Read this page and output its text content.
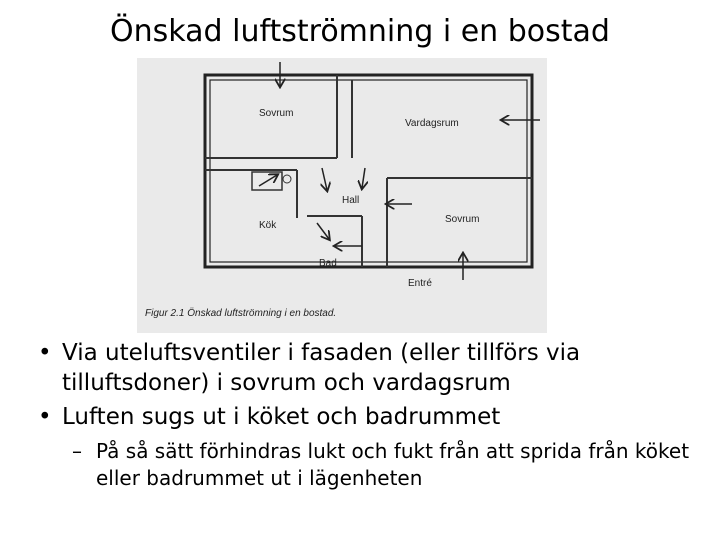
Önskad luftströmning i en bostad
Sovrum
Vardagsrum
Hall
Kök
Sovrum
Bad
Entré
Figur 2.1 Önskad luftströmning i en bostad.
• Via uteluftsventiler i fasaden (eller tillförs via tilluftsdoner) i sovrum och vardagsrum
• Luften sugs ut i köket och badrummet
– På så sätt förhindras lukt och fukt från att sprida från köket eller badrummet ut i lägenheten
